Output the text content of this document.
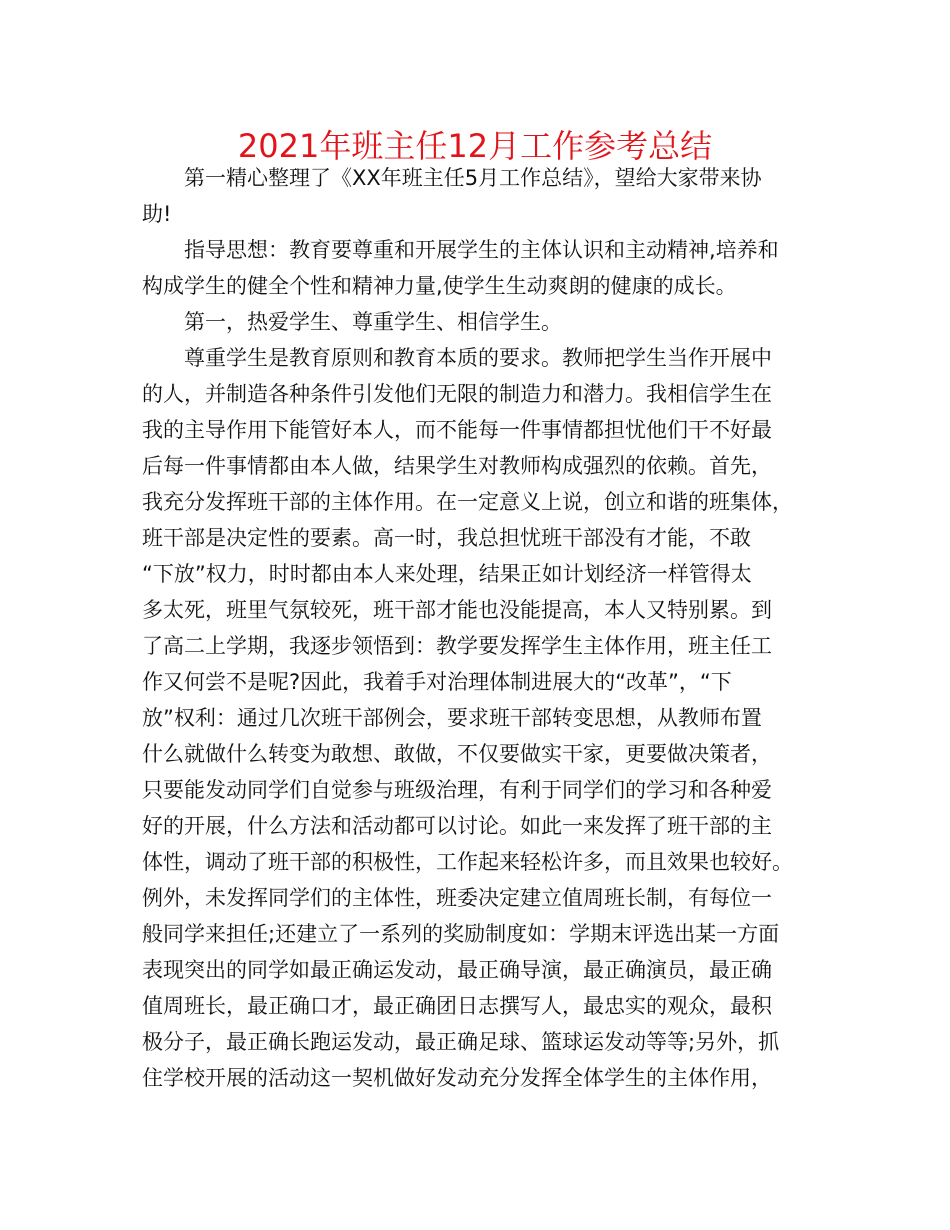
2021年班主任12月工作参考总结
第一精心整理了《XX年班主任5月工作总结》，望给大家带来协
助!
指导思想：教育要尊重和开展学生的主体认识和主动精神,培养和
构成学生的健全个性和精神力量,使学生生动爽朗的健康的成长。
第一，热爱学生、尊重学生、相信学生。
尊重学生是教育原则和教育本质的要求。教师把学生当作开展中
的人，并制造各种条件引发他们无限的制造力和潜力。我相信学生在
我的主导作用下能管好本人，而不能每一件事情都担忧他们干不好最
后每一件事情都由本人做，结果学生对教师构成强烈的依赖。首先，
我充分发挥班干部的主体作用。在一定意义上说，创立和谐的班集体，
班干部是决定性的要素。高一时，我总担忧班干部没有才能，不敢
“下放”权力，时时都由本人来处理，结果正如计划经济一样管得太
多太死，班里气氛较死，班干部才能也没能提高，本人又特别累。到
了高二上学期，我逐步领悟到：教学要发挥学生主体作用，班主任工
作又何尝不是呢?因此，我着手对治理体制进展大的“改革”，“下
放”权利：通过几次班干部例会，要求班干部转变思想，从教师布置
什么就做什么转变为敢想、敢做，不仅要做实干家，更要做决策者，
只要能发动同学们自觉参与班级治理，有利于同学们的学习和各种爱
好的开展，什么方法和活动都可以讨论。如此一来发挥了班干部的主
体性，调动了班干部的积极性，工作起来轻松许多，而且效果也较好。
例外，未发挥同学们的主体性，班委决定建立值周班长制，有每位一
般同学来担任;还建立了一系列的奖励制度如：学期末评选出某一方面
表现突出的同学如最正确运发动，最正确导演，最正确演员，最正确
值周班长，最正确口才，最正确团日志撰写人，最忠实的观众，最积
极分子，最正确长跑运发动，最正确足球、篮球运发动等等;另外，抓
住学校开展的活动这一契机做好发动充分发挥全体学生的主体作用，
